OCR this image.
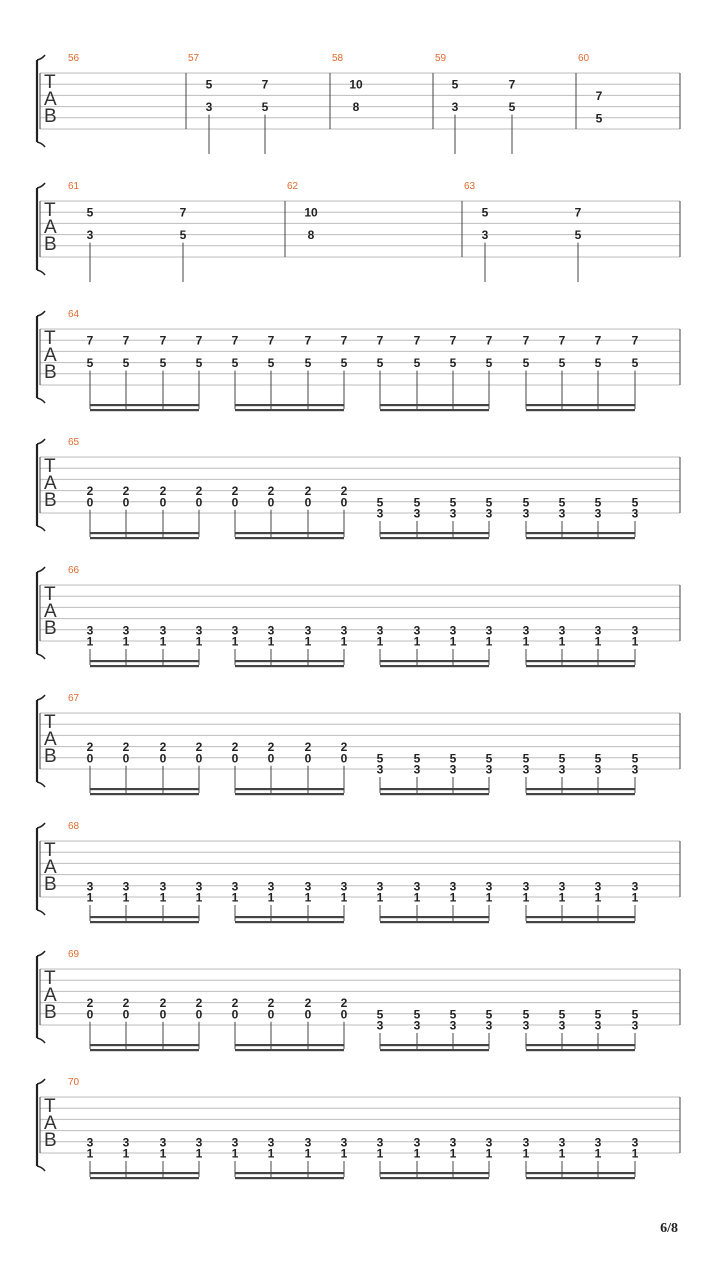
T
A
B
56	57
5
3
7
5
58
10
8
59
5
3
7
5
60
7
5
T
A
B
61
5
3
7
5
62
10
8
63
5
3
7
5
T
A
B
64
7
5
7
5
7
5
7
5
7
5
7
5
7
5
7
5
7
5
7
5
7
5
7
5
7
5
7
5
7
5
7
5
T
A
B
65
2
0
2
0
2
0
2
0
2
0
2
0
2
0
2
0 5
3
5
3
5
3
5
3
5
3
5
3
5
3
5
3
T
A
B
66
3
1
3
1
3
1
3
1
3
1
3
1
3
1
3
1
3
1
3
1
3
1
3
1
3
1
3
1
3
1
3
1
T
A
B
67
2
0
2
0
2
0
2
0
2
0
2
0
2
0
2
0 5
3
5
3
5
3
5
3
5
3
5
3
5
3
5
3
T
A
B
68
3
1
3
1
3
1
3
1
3
1
3
1
3
1
3
1
3
1
3
1
3
1
3
1
3
1
3
1
3
1
3
1
T
A
B
69
2
0
2
0
2
0
2
0
2
0
2
0
2
0
2
0 5
3
5
3
5
3
5
3
5
3
5
3
5
3
5
3
T
A
B
70
3
1
3
1
3
1
3
1
3
1
3
1
3
1
3
1
3
1
3
1
3
1
3
1
3
1
3
1
3
1
3
1
6/8
